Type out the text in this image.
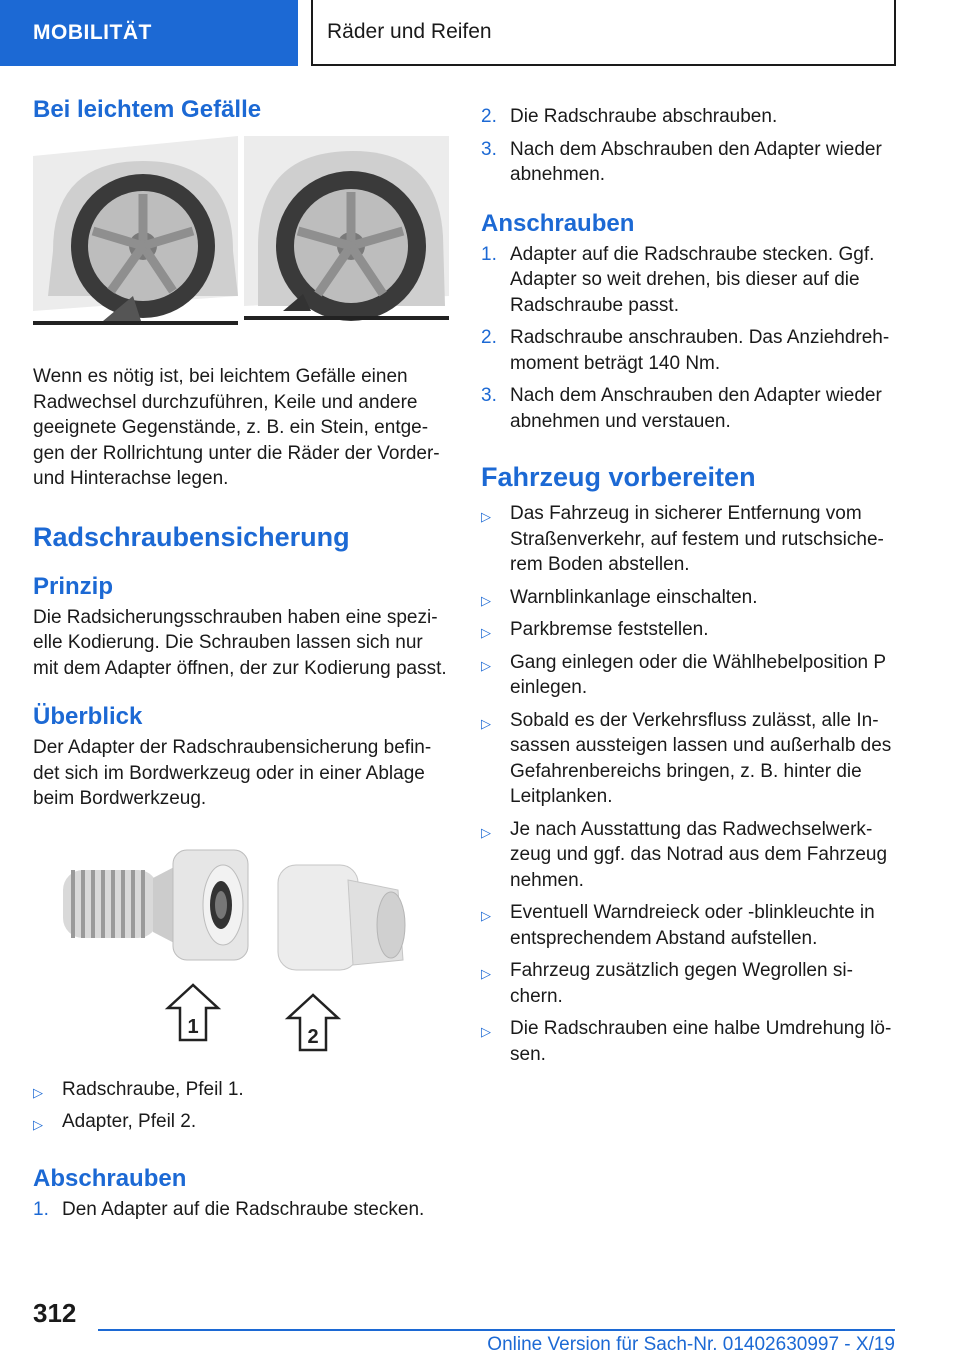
MOBILITÄT	Räder und Reifen
Bei leichtem Gefälle

Wenn es nötig ist, bei leichtem Gefälle einen Radwechsel durchzuführen, Keile und andere geeignete Gegenstände, z. B. ein Stein, entgegen der Rollrichtung unter die Räder der Vorder- und Hinterachse legen.

Radschraubensicherung
Prinzip

Die Radsicherungsschrauben haben eine spezielle Kodierung. Die Schrauben lassen sich nur mit dem Adapter öffnen, der zur Kodierung passt.

Überblick

Der Adapter der Radschraubensicherung befindet sich im Bordwerkzeug oder in einer Ablage beim Bordwerkzeug.

1	2
▷ Radschraube, Pfeil 1.
▷ Adapter, Pfeil 2.
Abschrauben
1. Den Adapter auf die Radschraube stecken.
2. Die Radschraube abschrauben.
3. Nach dem Abschrauben den Adapter wieder abnehmen.
Anschrauben
1. Adapter auf die Radschraube stecken. Ggf. Adapter so weit drehen, bis dieser auf die Radschraube passt.
2. Radschraube anschrauben. Das Anziehdrehmoment beträgt 140 Nm.
3. Nach dem Anschrauben den Adapter wieder abnehmen und verstauen.
Fahrzeug vorbereiten
▷ Das Fahrzeug in sicherer Entfernung vom Straßenverkehr, auf festem und rutschsicherem Boden abstellen.
▷ Warnblinkanlage einschalten.
▷ Parkbremse feststellen.
▷ Gang einlegen oder die Wählhebelposition P einlegen.
▷ Sobald es der Verkehrsfluss zulässt, alle Insassen aussteigen lassen und außerhalb des Gefahrenbereichs bringen, z. B. hinter die Leitplanken.
▷ Je nach Ausstattung das Radwechselwerkzeug und ggf. das Notrad aus dem Fahrzeug nehmen.
▷ Eventuell Warndreieck oder -blinkleuchte in entsprechendem Abstand aufstellen.
▷ Fahrzeug zusätzlich gegen Wegrollen sichern.
▷ Die Radschrauben eine halbe Umdrehung lösen.
312
Online Version für Sach-Nr. 01402630997 - X/19
